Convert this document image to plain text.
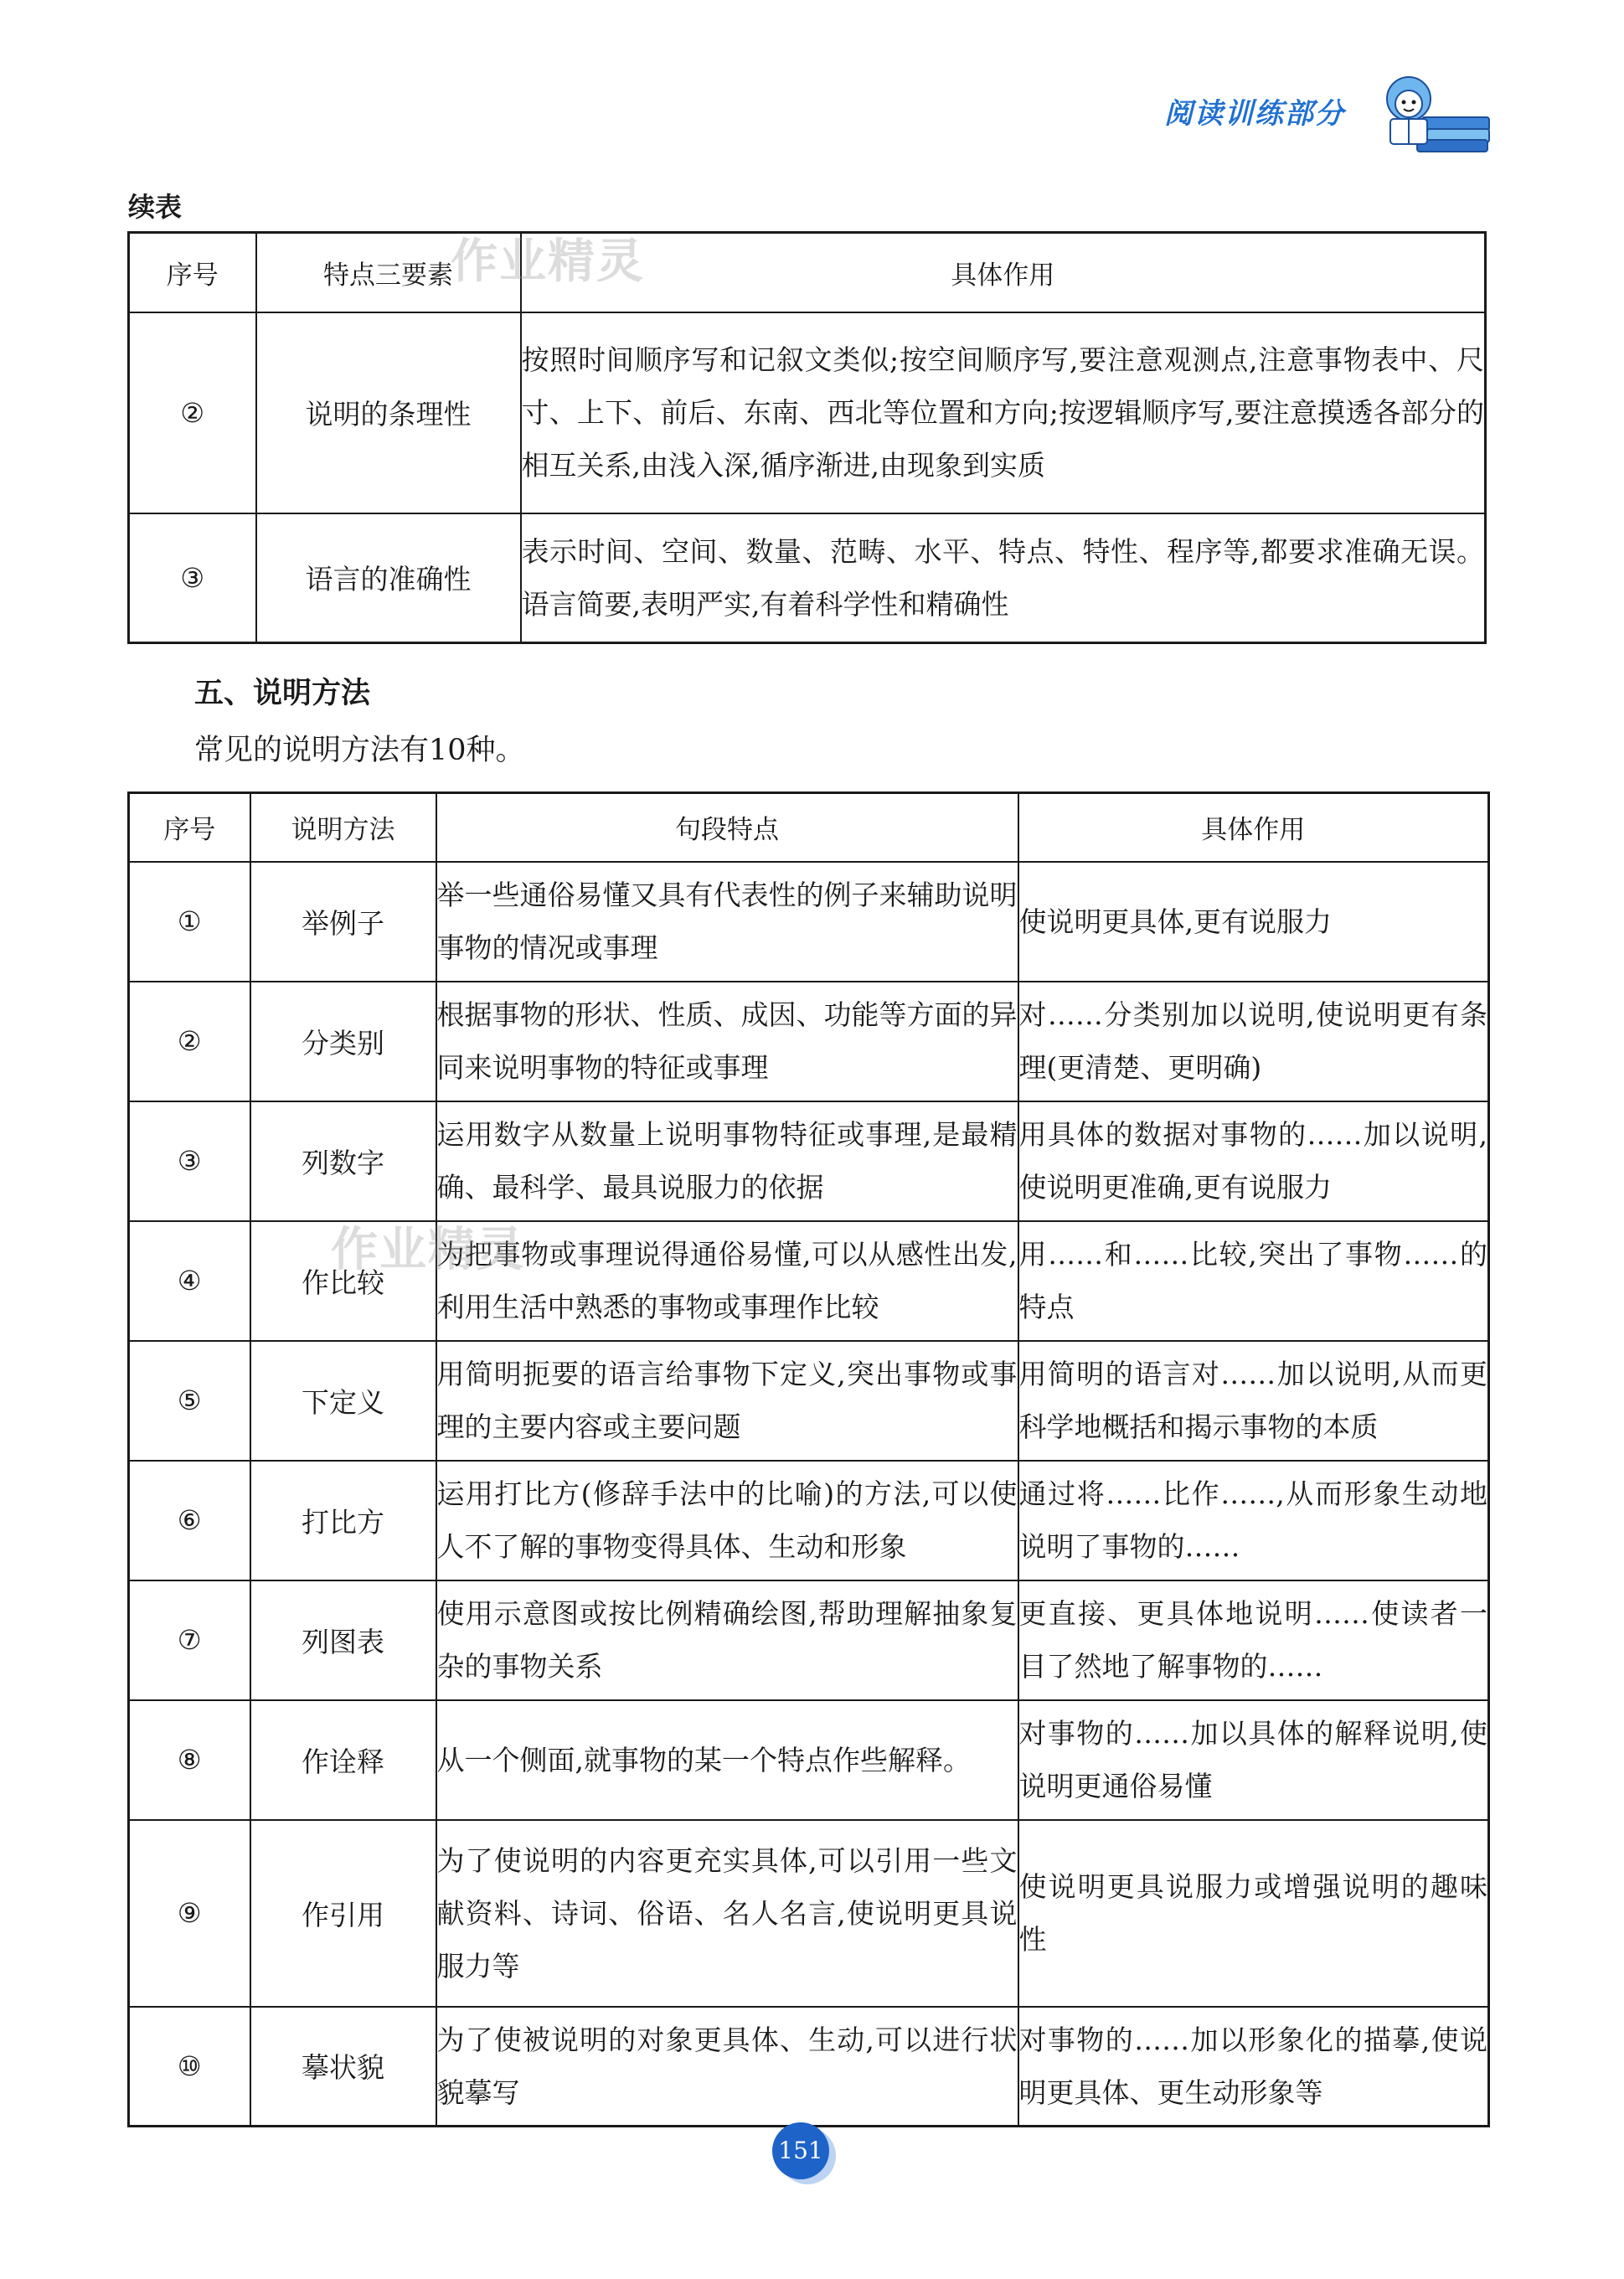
阅读训练部分
续表
序号	特点三要素	具体作用
②	说明的条理性	按照时间顺序写和记叙文类似;按空间顺序写,要注意观测点,注意事物表中、尺寸、上下、前后、东南、西北等位置和方向;按逻辑顺序写,要注意摸透各部分的相互关系,由浅入深,循序渐进,由现象到实质
③	语言的准确性	表示时间、空间、数量、范畴、水平、特点、特性、程序等,都要求准确无误。语言简要,表明严实,有着科学性和精确性
五、说明方法
常见的说明方法有10种。
序号	说明方法	句段特点	具体作用
①	举例子	举一些通俗易懂又具有代表性的例子来辅助说明事物的情况或事理	使说明更具体,更有说服力
②	分类别	根据事物的形状、性质、成因、功能等方面的异同来说明事物的特征或事理	对……分类别加以说明,使说明更有条理(更清楚、更明确)
③	列数字	运用数字从数量上说明事物特征或事理,是最精确、最科学、最具说服力的依据	用具体的数据对事物的……加以说明,使说明更准确,更有说服力
④	作比较	为把事物或事理说得通俗易懂,可以从感性出发,利用生活中熟悉的事物或事理作比较	用……和……比较,突出了事物……的特点
⑤	下定义	用简明扼要的语言给事物下定义,突出事物或事理的主要内容或主要问题	用简明的语言对……加以说明,从而更科学地概括和揭示事物的本质
⑥	打比方	运用打比方(修辞手法中的比喻)的方法,可以使人不了解的事物变得具体、生动和形象	通过将……比作……,从而形象生动地说明了事物的……
⑦	列图表	使用示意图或按比例精确绘图,帮助理解抽象复杂的事物关系	更直接、更具体地说明……使读者一目了然地了解事物的……
⑧	作诠释	从一个侧面,就事物的某一个特点作些解释。	对事物的……加以具体的解释说明,使说明更通俗易懂
⑨	作引用	为了使说明的内容更充实具体,可以引用一些文献资料、诗词、俗语、名人名言,使说明更具说服力等	使说明更具说服力或增强说明的趣味性
⑩	摹状貌	为了使被说明的对象更具体、生动,可以进行状貌摹写	对事物的……加以形象化的描摹,使说明更具体、更生动形象等
作业精灵
作业精灵
151
